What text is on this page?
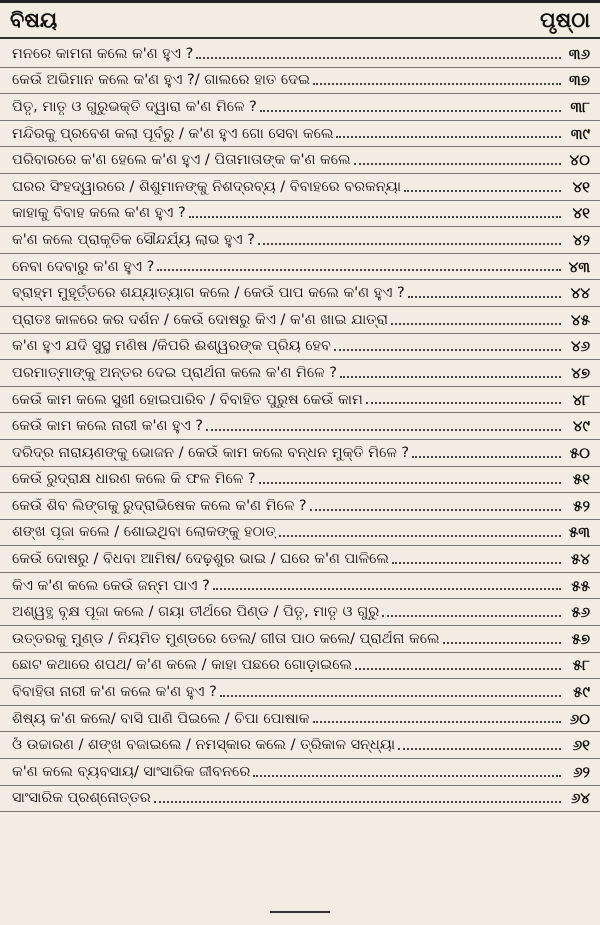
ବିଷୟ	ପୃଷ୍ଠା
ମନରେ କାମନା କଲେ କ'ଣ ହୁଏ ?	୩୬
କେଉଁ ଅଭିମାନ କଲେ କ'ଣ ହୁଏ ?/ ଗାଲରେ ହାତ ଦେଇ	୩୭
ପିତୃ, ମାତୃ ଓ ଗୁରୁଭକ୍ତି ଦ୍ୱାରା କ'ଣ ମିଳେ ?	୩୮
ମନ୍ଦିରକୁ ପ୍ରବେଶ କଲା ପୂର୍ବରୁ / କ'ଣ ହୁଏ ଗୋ ସେବା କଲେ	୩୯
ପରିବାରରେ କ'ଣ ହେଲେ କ'ଣ ହୁଏ / ପିତାମାତାଙ୍କ କ'ଣ କଲେ	୪୦
ଘରର ସିଂହଦ୍ୱାରରେ / ଶିଶୁମାନଙ୍କୁ ନିଶଦ୍ରବ୍ୟ / ବିବାହରେ ବରକନ୍ୟା	୪୧
କାହାକୁ ବିବାହ କଲେ କ'ଣ ହୁଏ ?	୪୧
କ'ଣ କଲେ ପ୍ରାକୃତିକ ସୌନ୍ଦର୍ଯ୍ୟ ଲାଭ ହୁଏ ?	୪୨
ନେବା ଦେବାରୁ କ'ଣ ହୁଏ ?	୪୩
ବ୍ରାହ୍ମ ମୁହୂର୍ତ୍ତରେ ଶଯ୍ୟାତ୍ୟାଗ କଲେ / କେଉଁ ପାପ କଲେ କ'ଣ ହୁଏ ?	୪୪
ପ୍ରାତଃ କାଳରେ କର ଦର୍ଶନ / କେଉଁ ଦୋଷରୁ କିଏ / କ'ଣ ଖାଇ ଯାତ୍ରା	୪୫
କ'ଣ ହୁଏ ଯଦି ସୁସ୍ଥ ମଣିଷ /କିପରି ଈଶ୍ୱରଙ୍କ ପ୍ରିୟ ହେବ	୪୬
ପରମାତ୍ମାଙ୍କୁ ଅନ୍ତର ଦେଇ ପ୍ରାର୍ଥନା କଲେ କ'ଣ ମିଳେ ?	୪୭
କେଉଁ କାମ କଲେ ସୁଖୀ ହୋଇପାରିବ / ବିବାହିତ ପୁରୁଷ କେଉଁ କାମ	୪୮
କେଉଁ କାମ କଲେ ନାରୀ କ'ଣ ହୁଏ ?	୪୯
ଦରିଦ୍ର ନାରାୟଣଙ୍କୁ ଭୋଜନ / କେଉଁ କାମ କଲେ ବନ୍ଧନ ମୁକ୍ତି ମିଳେ ?	୫୦
କେଉଁ ରୁଦ୍ରାକ୍ଷ ଧାରଣ କଲେ କି ଫଳ ମିଳେ ?	୫୧
କେଉଁ ଶିବ ଲିଙ୍ଗକୁ ରୁଦ୍ରାଭିଷେକ କଲେ କ'ଣ ମିଳେ ?	୫୨
ଶଙ୍ଖ ପୂଜା କଲେ / ଶୋଇଥିବା ଲୋକଙ୍କୁ ହଠାତ୍	୫୩
କେଉଁ ଦୋଷରୁ / ବିଧବା ଆମିଷ/ ଦେଢ଼ଶୁର ଭାଇ / ଘରେ କ'ଣ ପାଳିଲେ	୫୪
କିଏ କ'ଣ କଲେ କେଉଁ ଜନ୍ମ ପାଏ ?	୫୫
ଅଶ୍ୱତ୍ଥ ବୃକ୍ଷ ପୂଜା କଲେ / ଗୟା ତୀର୍ଥରେ ପିଣ୍ଡ / ପିତୃ, ମାତୃ ଓ ଗୁରୁ	୫୬
ଉତ୍ତରକୁ ମୁଣ୍ଡ / ନିୟମିତ ମୁଣ୍ଡରେ ତେଲ/ ଗୀତା ପାଠ କଲେ/ ପ୍ରାର୍ଥନା କଲେ	୫୭
ଛୋଟ କଥାରେ ଶପଥ/ କ'ଣ କଲେ / କାହା ପଛରେ ଗୋଡ଼ାଇଲେ	୫୮
ବିବାହିତା ନାରୀ କ'ଣ କଲେ କ'ଣ ହୁଏ ?	୫୯
ଶିଷ୍ୟ କ'ଣ କଲେ/ ବାସି ପାଣି ପିଇଲେ / ଚିପା ପୋଷାକ	୬୦
ଓଁ ଉଚ୍ଚାରଣ / ଶଙ୍ଖ ବଜାଇଲେ / ନମସ୍କାର କଲେ / ତ୍ରିକାଳ ସନ୍ଧ୍ୟା	୬୧
କ'ଣ କଲେ ବ୍ୟବସାୟ/ ସାଂସାରିକ ଜୀବନରେ	୬୨
ସାଂସାରିକ ପ୍ରଶ୍ନୋତ୍ତର	୬୪
